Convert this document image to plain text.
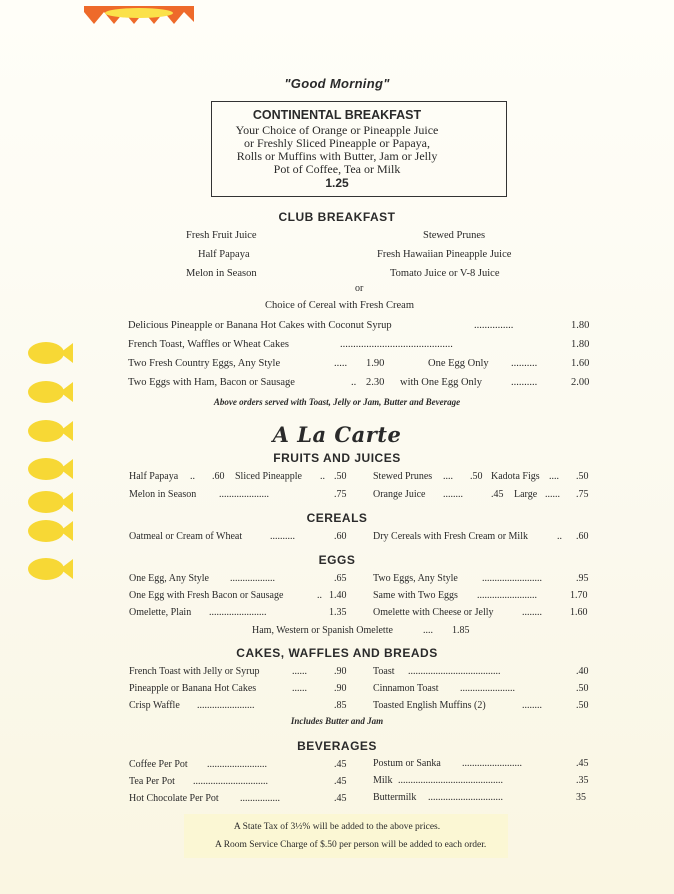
"Good Morning"
CONTINENTAL BREAKFAST
Your Choice of Orange or Pineapple Juice
or Freshly Sliced Pineapple or Papaya,
Rolls or Muffins with Butter, Jam or Jelly
Pot of Coffee, Tea or Milk
1.25
CLUB BREAKFAST
Fresh Fruit Juice
Half Papaya
Melon in Season
Stewed Prunes
Fresh Hawaiian Pineapple Juice
Tomato Juice or V-8 Juice
or
Choice of Cereal with Fresh Cream
Delicious Pineapple or Banana Hot Cakes with Coconut Syrup	...............	1.80
French Toast, Waffles or Wheat Cakes	...........................................	1.80
Two Fresh Country Eggs, Any Style	..... 1.90	One Egg Only ..........	1.60
Two Eggs with Ham, Bacon or Sausage	.. 2.30 with One Egg Only	..........	2.00
Above orders served with Toast, Jelly or Jam, Butter and Beverage
A La Carte
FRUITS AND JUICES
Half Papaya .. .60 Sliced Pineapple .. .50	Stewed Prunes .... .50 Kadota Figs .... .50
Melon in Season ....................	.75	Orange Juice ........	.45 Large ...... .75
CEREALS
Oatmeal or Cream of Wheat	..........	.60	Dry Cereals with Fresh Cream or Milk	.. .60
EGGS
One Egg, Any Style ..................	.65
One Egg with Fresh Bacon or Sausage	.. 1.40
Omelette, Plain .......................	1.35
Two Eggs, Any Style ........................	.95
Same with Two Eggs ........................	1.70
Omelette with Cheese or Jelly	........	1.60
Ham, Western or Spanish Omelette	.... 1.85
CAKES, WAFFLES AND BREADS
French Toast with Jelly or Syrup	......	.90
Pineapple or Banana Hot Cakes	......	.90
Crisp Waffle .......................	.85
Toast .....................................	.40
Cinnamon Toast ......................	.50
Toasted English Muffins (2)	........	.50
Includes Butter and Jam
BEVERAGES
Coffee Per Pot ........................	.45
Tea Per Pot ..............................	.45
Hot Chocolate Per Pot ................	.45
Postum or Sanka ........................	.45
Milk ..........................................	.35
Buttermilk ..............................	35
A State Tax of 3½% will be added to the above prices.
A Room Service Charge of $.50 per person will be added to each order.
